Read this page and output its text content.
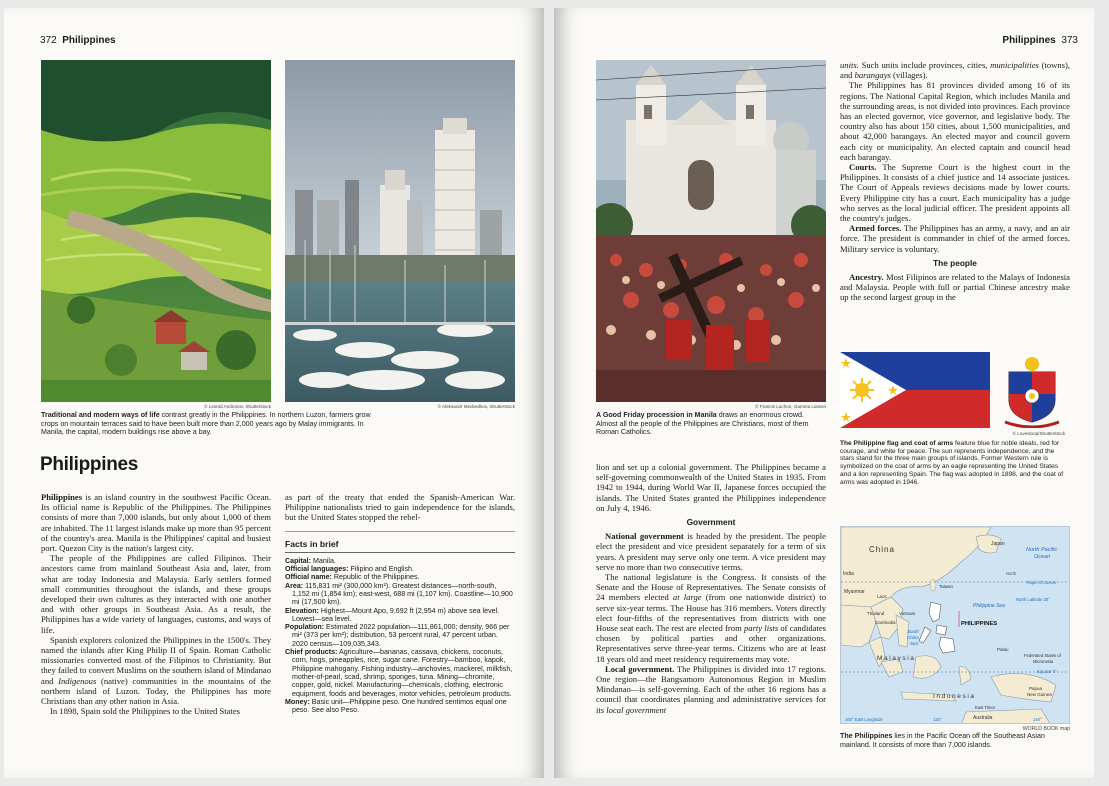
372 Philippines
© Leonid Andronov, Shutterstock	© Aleksandr Medvedkov, Shutterstock
Traditional and modern ways of life contrast greatly in the Philippines. In northern Luzon, farmers grow crops on mountain terraces said to have been built more than 2,000 years ago by Malay immigrants. In Manila, the capital, modern buildings rise above a bay.
Philippines

Philippines is an island country in the southwest Pacific Ocean. Its official name is Republic of the Philippines. The Philippines consists of more than 7,000 islands, but only about 1,000 of them are inhabited. The 11 largest islands make up more than 95 percent of the country's area. Manila is the Philippines' capital and busiest port. Quezon City is the nation's largest city.

The people of the Philippines are called Filipinos. Their ancestors came from mainland Southeast Asia and, later, from what are today Indonesia and Malaysia. Early settlers formed small communities throughout the islands, and these groups developed their own cultures as they interacted with one another and with other groups in Southeast Asia. As a result, the Philippines has a wide variety of languages, customs, and ways of life.

Spanish explorers colonized the Philippines in the 1500's. They named the islands after King Philip II of Spain. Roman Catholic missionaries converted most of the Filipinos to Christianity. But they failed to convert Muslims on the southern island of Mindanao and Indigenous (native) communities in the mountains of the northern island of Luzon. Today, the Philippines has more Christians than any other nation in Asia.

In 1898, Spain sold the Philippines to the United States

as part of the treaty that ended the Spanish-American War. Philippine nationalists tried to gain independence for the islands, but the United States stopped the rebel-

Facts in brief
Capital: Manila.
Official languages: Filipino and English.
Official name: Republic of the Philippines.
Area: 115,831 mi² (300,000 km²). Greatest distances—north-south, 1,152 mi (1,854 km); east-west, 688 mi (1,107 km). Coastline—10,900 mi (17,500 km).
Elevation: Highest—Mount Apo, 9,692 ft (2,954 m) above sea level. Lowest—sea level.
Population: Estimated 2022 population—111,861,000; density, 966 per mi² (373 per km²); distribution, 53 percent rural, 47 percent urban. 2020 census—109,035,343.
Chief products: Agriculture—bananas, cassava, chickens, coconuts, corn, hogs, pineapples, rice, sugar cane. Forestry—bamboo, kapok, Philippine mahogany. Fishing industry—anchovies, mackerel, milkfish, mother-of-pearl, scad, shrimp, sponges, tuna. Mining—chromite, copper, gold, nickel. Manufacturing—chemicals, clothing, electronic equipment, foods and beverages, motor vehicles, petroleum products.
Money: Basic unit—Philippine peso. One hundred sentimos equal one peso. See also Peso.
Philippines 373
© Francis Luchon, Gamma Liaison
A Good Friday procession in Manila draws an enormous crowd. Almost all the people of the Philippines are Christians, most of them Roman Catholics.

lion and set up a colonial government. The Philippines became a self-governing commonwealth of the United States in 1935. From 1942 to 1944, during World War II, Japanese forces occupied the islands. The United States granted the Philippines independence on July 4, 1946.

Government

National government is headed by the president. The people elect the president and vice president separately for a term of six years. A president may serve only one term. A vice president may serve no more than two consecutive terms.

The national legislature is the Congress. It consists of the Senate and the House of Representatives. The Senate consists of 24 members elected at large (from one nationwide district) to serve six-year terms. The House has 316 members. Voters directly elect four-fifths of the representatives from districts with one House seat each. The rest are elected from party lists of candidates chosen by political parties and other organizations. Representatives serve three-year terms. Citizens who are at least 18 years old and meet residency requirements may vote.

Local government. The Philippines is divided into 17 regions. One region—the Bangsamoro Autonomous Region in Muslim Mindanao—is self-governing. Each of the other 16 regions has a council that coordinates planning and administrative services for its local government

units. Such units include provinces, cities, municipalities (towns), and barangays (villages).

The Philippines has 81 provinces divided among 16 of its regions. The National Capital Region, which includes Manila and the surrounding areas, is not divided into provinces. Each province has an elected governor, vice governor, and legislative body. The country also has about 150 cities, about 1,500 municipalities, and about 42,000 barangays. An elected mayor and council govern each city or municipality. An elected captain and council head each barangay.

Courts. The Supreme Court is the highest court in the Philippines. It consists of a chief justice and 14 associate justices. The Court of Appeals reviews decisions made by lower courts. Every Philippine city has a court. Each municipality has a judge who serves as the local judicial officer. The president appoints all the country's judges.

Armed forces. The Philippines has an army, a navy, and an air force. The president is commander in chief of the armed forces. Military service is voluntary.

The people

Ancestry. Most Filipinos are related to the Malays of Indonesia and Malaysia. People with full or partial Chinese ancestry make up the second largest group in the

© Lovesloop/Shutterstock
The Philippine flag and coat of arms feature blue for noble ideals, red for courage, and white for peace. The sun represents independence, and the stars stand for the three main groups of islands. Former Western rule is symbolized on the coat of arms by an eagle representing the United States and a lion representing Spain. The flag was adopted in 1898, and the coat of arms was adopted in 1946.
China
Japan
North Pacific
Ocean
India	North
Tropic of Cancer
Myanmar
Laos
Taiwan
North Latitude 20°
Thailand	Vietnam
Philippine Sea
Cambodia	PHILIPPINES
South
China
Sea
Palau
Federated States of
Micronesia
Malaysia
Equator 0°
Papua
New Guinea
Indonesia
East Timor
100° East Longitude	120°	Australia	140°
WORLD BOOK map
The Philippines lies in the Pacific Ocean off the Southeast Asian mainland. It consists of more than 7,000 islands.
